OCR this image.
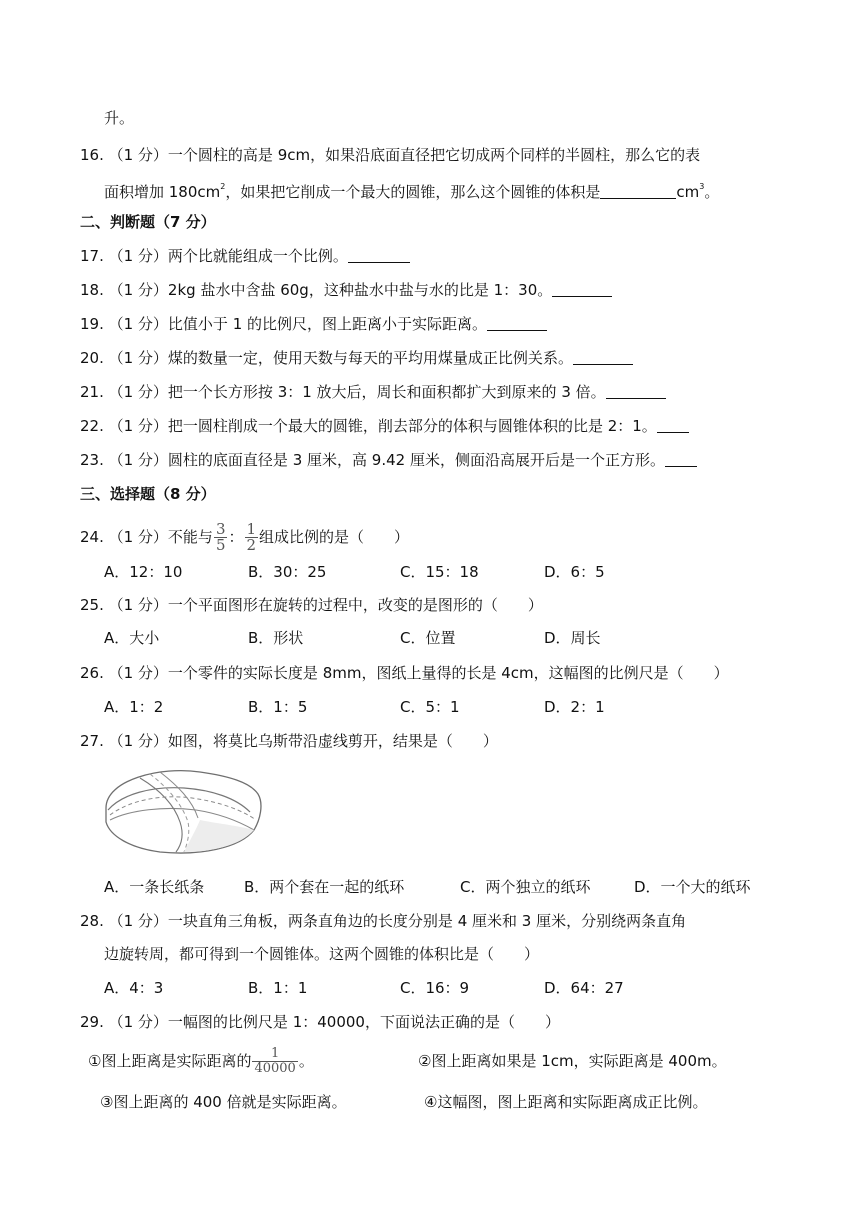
升。
16. （1 分）一个圆柱的高是 9cm，如果沿底面直径把它切成两个同样的半圆柱，那么它的表
面积增加 $180cm^2$，如果把它削成一个最大的圆锥，那么这个圆锥的体积是	$cm^3$。
二、判断题（7 分）
17. （1 分）两个比就能组成一个比例。
18. （1 分）2kg 盐水中含盐 60g，这种盐水中盐与水的比是 1：30。
19. （1 分）比值小于 1 的比例尺，图上距离小于实际距离。
20. （1 分）煤的数量一定，使用天数与每天的平均用煤量成正比例关系。
21. （1 分）把一个长方形按 3：1 放大后，周长和面积都扩大到原来的 3 倍。
22. （1 分）把一圆柱削成一个最大的圆锥，削去部分的体积与圆锥体积的比是 2：1。
23. （1 分）圆柱的底面直径是 3 厘米，高 9.42 厘米，侧面沿高展开后是一个正方形。
三、选择题（8 分）
24. （1 分）不能与 $\frac{3}{5}$ ： $\frac{1}{2}$ 组成比例的是（　　）
A．12：10	B．30：25	C．15：18	D．6：5
25. （1 分）一个平面图形在旋转的过程中，改变的是图形的（　　）
A．大小	B．形状	C．位置	D．周长
26. （1 分）一个零件的实际长度是 8mm，图纸上量得的长是 4cm，这幅图的比例尺是（　　）
A．1：2	B．1：5	C．5：1	D．2：1
27. （1 分）如图，将莫比乌斯带沿虚线剪开，结果是（　　）
A．一条长纸条	B．两个套在一起的纸环	C．两个独立的纸环	D．一个大的纸环
28. （1 分）一块直角三角板，两条直角边的长度分别是 4 厘米和 3 厘米，分别绕两条直角
边旋转周，都可得到一个圆锥体。这两个圆锥的体积比是（　　）
A．4：3	B．1：1	C．16：9	D．64：27
29. （1 分）一幅图的比例尺是 1：40000，下面说法正确的是（　　）
①图上距离是实际距离的 $\frac{1}{40000}$ 。	②图上距离如果是 1cm，实际距离是 400m。
③图上距离的 400 倍就是实际距离。	④这幅图，图上距离和实际距离成正比例。
